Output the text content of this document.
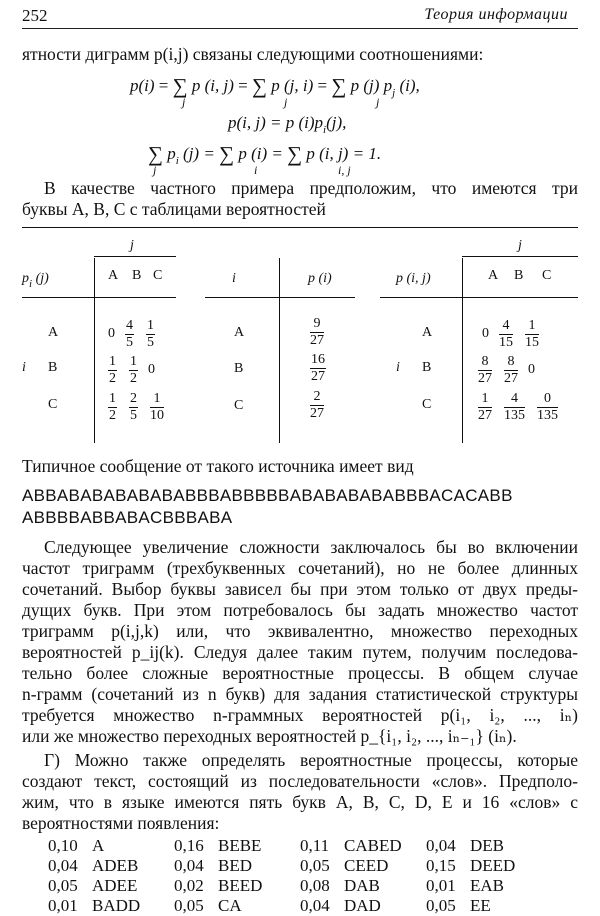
252	Теория информации
ятности диграмм p(i,j) связаны следующими соотношениями:
p(i) = ∑ p (i, j) = ∑ p (j, i) = ∑ p (j) $p_j$ (i),
j	j	j
p(i, j) = p $(i)p_i(j)$,
∑ $p_i$ (j) = ∑ p (i) = ∑ p (i, j) = 1.
j	i	i, j
В качестве частного примера предположим, что имеются три
буквы A, B, C с таблицами вероятностей
j
$p_i$ (j)	A B C
i
A	$0 \frac{4}{5} \frac{1}{5}$
B	$\frac{1}{2} \frac{1}{2} 0$
C	$\frac{1}{2} \frac{2}{5} \frac{1}{10}$
i	p (i)
A	$\frac{9}{27}$
B	$\frac{16}{27}$
C	$\frac{2}{27}$
j
p (i, j)	A B C
i
A	$0 \frac{4}{15} \frac{1}{15}$
B	$\frac{8}{27} \frac{8}{27} 0$
C	$\frac{1}{27} \frac{4}{135} \frac{0}{135}$
Типичное сообщение от такого источника имеет вид
ABBABABABABABABBBABBBBBABABABABABBBACACABB
ABBBBABBABACBBBABA
Следующее увеличение сложности заключалось бы во включении
частот триграмм (трехбуквенных сочетаний), но не более длинных
сочетаний. Выбор буквы зависел бы при этом только от двух преды-
дущих букв. При этом потребовалось бы задать множество частот
триграмм p(i,j,k) или, что эквивалентно, множество переходных
вероятностей p_ij(k). Следуя далее таким путем, получим последова-
тельно более сложные вероятностные процессы. В общем случае
n-грамм (сочетаний из n букв) для задания статистической структуры
требуется множество n-граммных вероятностей p(i₁, i₂, ..., iₙ)
или же множество переходных вероятностей p_{i₁, i₂, ..., iₙ₋₁} (iₙ).
Г) Можно также определять вероятностные процессы, которые
создают текст, состоящий из последовательности «слов». Предполо-
жим, что в языке имеются пять букв A, B, C, D, E и 16 «слов» с
вероятностями появления:
0,10	A	0,16	BEBE	0,11	CABED	0,04	DEB
0,04	ADEB	0,04	BED	0,05	CEED	0,15	DEED
0,05	ADEE	0,02	BEED	0,08	DAB	0,01	EAB
0,01	BADD	0,05	CA	0,04	DAD	0,05	EE
